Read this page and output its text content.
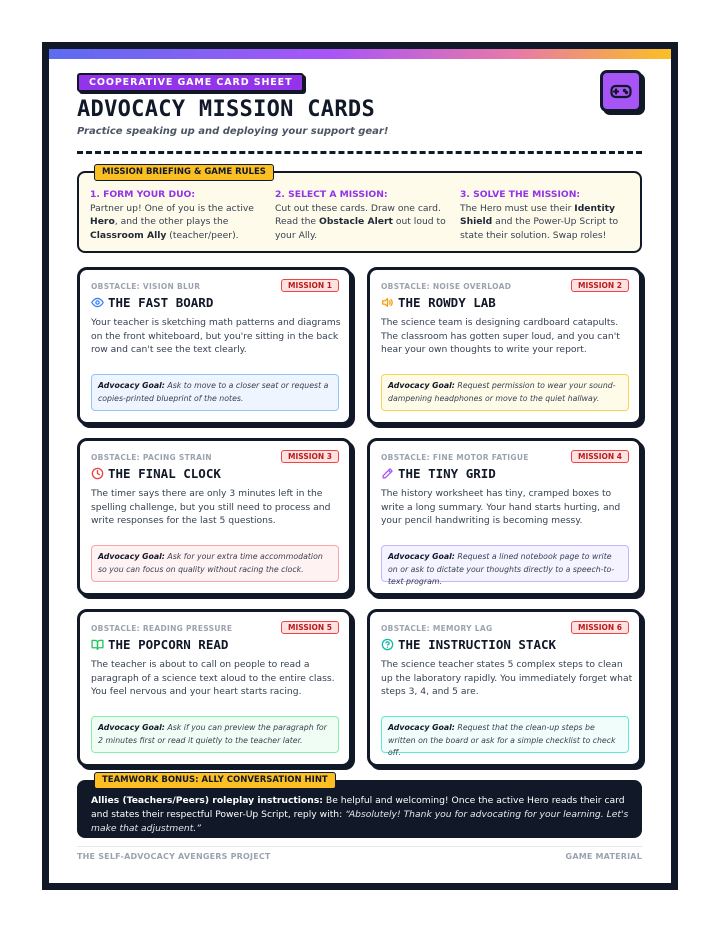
COOPERATIVE GAME CARD SHEET
ADVOCACY MISSION CARDS
Practice speaking up and deploying your support gear!
MISSION BRIEFING & GAME RULES
1. FORM YOUR DUO:
Partner up! One of you is the active Hero, and the other plays the Classroom Ally (teacher/peer).
2. SELECT A MISSION:
Cut out these cards. Draw one card. Read the Obstacle Alert out loud to your Ally.
3. SOLVE THE MISSION:
The Hero must use their Identity Shield and the Power-Up Script to state their solution. Swap roles!
OBSTACLE: VISION BLUR	MISSION 1
THE FAST BOARD
Your teacher is sketching math patterns and diagrams on the front whiteboard, but you're sitting in the back row and can't see the text clearly.
Advocacy Goal: Ask to move to a closer seat or request a copies-printed blueprint of the notes.
OBSTACLE: NOISE OVERLOAD	MISSION 2
THE ROWDY LAB
The science team is designing cardboard catapults. The classroom has gotten super loud, and you can't hear your own thoughts to write your report.
Advocacy Goal: Request permission to wear your sound-dampening headphones or move to the quiet hallway.
OBSTACLE: PACING STRAIN	MISSION 3
THE FINAL CLOCK
The timer says there are only 3 minutes left in the spelling challenge, but you still need to process and write responses for the last 5 questions.
Advocacy Goal: Ask for your extra time accommodation so you can focus on quality without racing the clock.
OBSTACLE: FINE MOTOR FATIGUE	MISSION 4
THE TINY GRID
The history worksheet has tiny, cramped boxes to write a long summary. Your hand starts hurting, and your pencil handwriting is becoming messy.
Advocacy Goal: Request a lined notebook page to write on or ask to dictate your thoughts directly to a speech-to-text program.
OBSTACLE: READING PRESSURE	MISSION 5
THE POPCORN READ
The teacher is about to call on people to read a paragraph of a science text aloud to the entire class. You feel nervous and your heart starts racing.
Advocacy Goal: Ask if you can preview the paragraph for 2 minutes first or read it quietly to the teacher later.
OBSTACLE: MEMORY LAG	MISSION 6
THE INSTRUCTION STACK
The science teacher states 5 complex steps to clean up the laboratory rapidly. You immediately forget what steps 3, 4, and 5 are.
Advocacy Goal: Request that the clean-up steps be written on the board or ask for a simple checklist to check off.
TEAMWORK BONUS: ALLY CONVERSATION HINT
Allies (Teachers/Peers) roleplay instructions: Be helpful and welcoming! Once the active Hero reads their card and states their respectful Power-Up Script, reply with: “Absolutely! Thank you for advocating for your learning. Let's make that adjustment.”
THE SELF-ADVOCACY AVENGERS PROJECT	GAME MATERIAL
